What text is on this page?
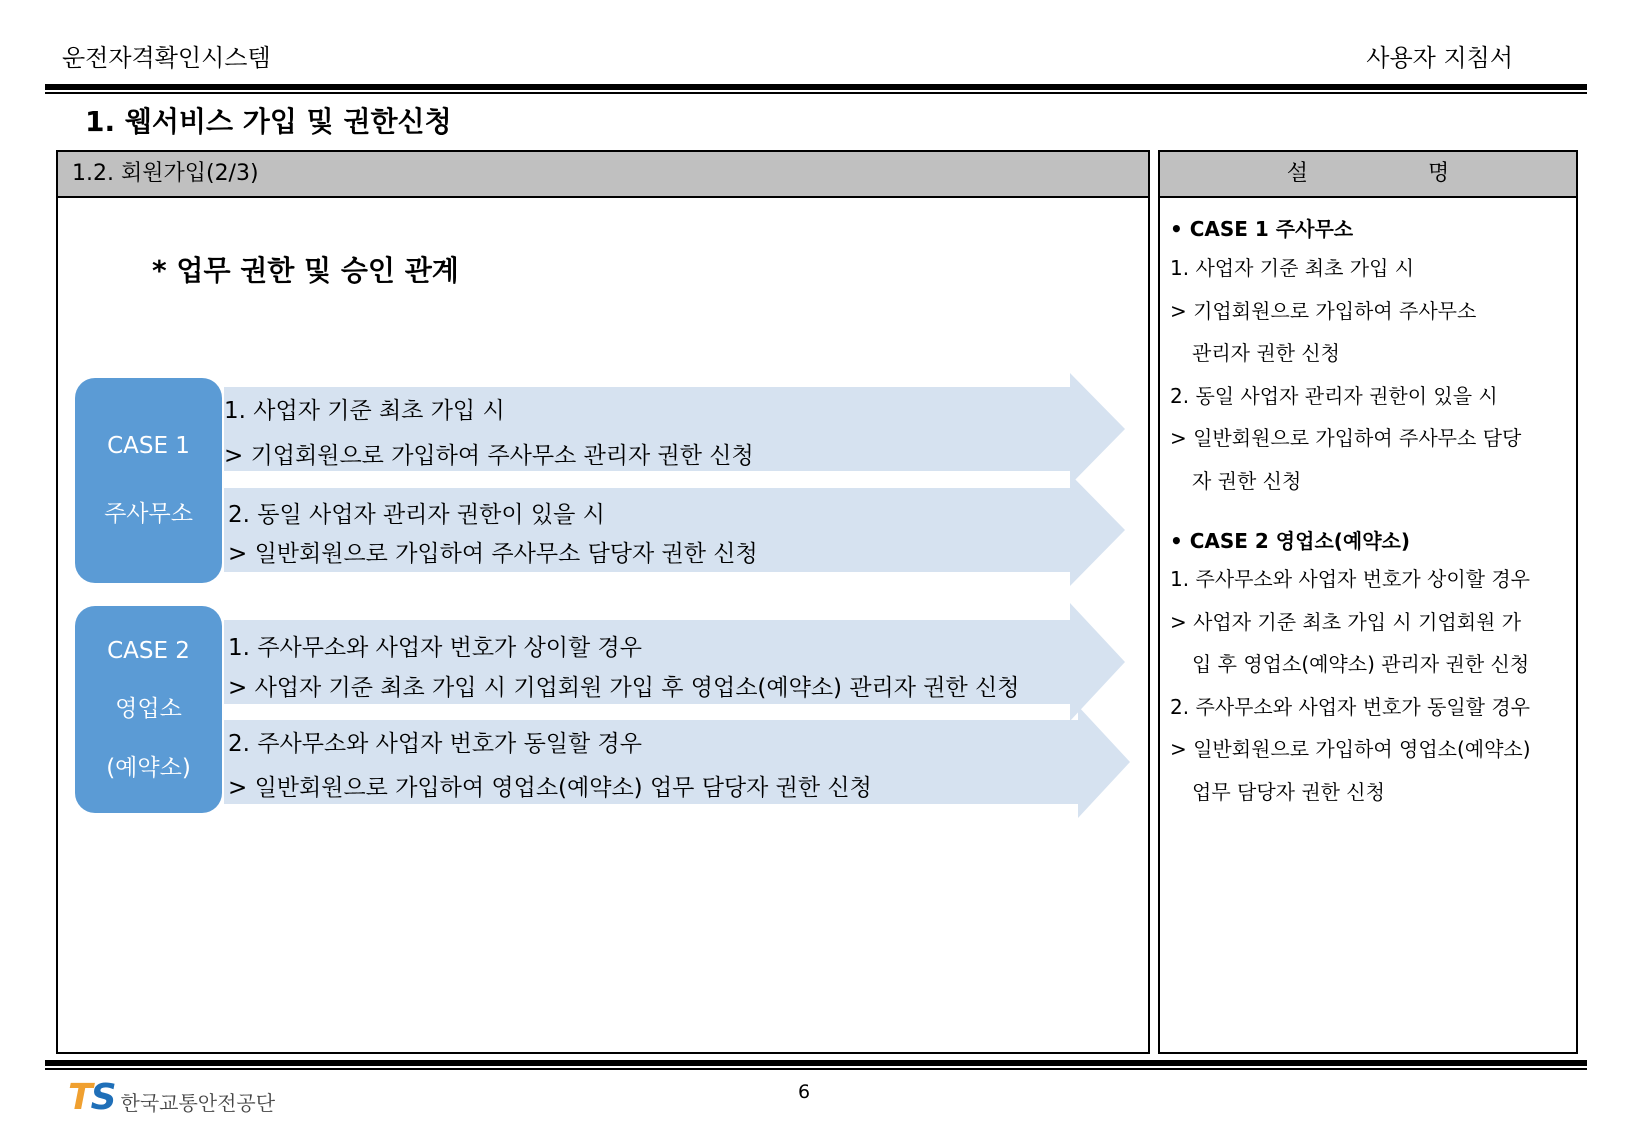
운전자격확인시스템	사용자 지침서
1. 웹서비스 가입 및 권한신청
1.2. 회원가입(2/3)	설	명
* 업무 권한 및 승인 관계
CASE 1
주사무소
CASE 2
영업소
(예약소)
1. 사업자 기준 최초 가입 시
> 기업회원으로 가입하여 주사무소 관리자 권한 신청
2. 동일 사업자 관리자 권한이 있을 시
> 일반회원으로 가입하여 주사무소 담당자 권한 신청
1. 주사무소와 사업자 번호가 상이할 경우
> 사업자 기준 최초 가입 시 기업회원 가입 후 영업소(예약소) 관리자 권한 신청
2. 주사무소와 사업자 번호가 동일할 경우
> 일반회원으로 가입하여 영업소(예약소) 업무 담당자 권한 신청
• CASE 1 주사무소
1. 사업자 기준 최초 가입 시
> 기업회원으로 가입하여 주사무소
관리자 권한 신청
2. 동일 사업자 관리자 권한이 있을 시
> 일반회원으로 가입하여 주사무소 담당
자 권한 신청
• CASE 2 영업소(예약소)
1. 주사무소와 사업자 번호가 상이할 경우
> 사업자 기준 최초 가입 시 기업회원 가
입 후 영업소(예약소) 관리자 권한 신청
2. 주사무소와 사업자 번호가 동일할 경우
> 일반회원으로 가입하여 영업소(예약소)
업무 담당자 권한 신청
TS 한국교통안전공단	6
